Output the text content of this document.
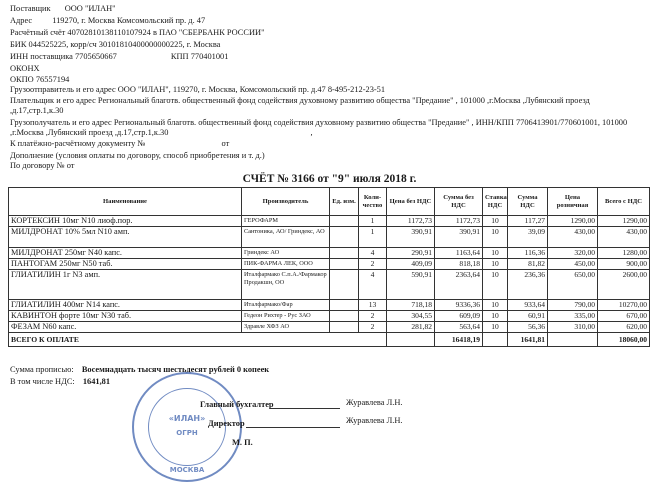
Поставщик ООО "ИЛАН"
Адрес 119270, г. Москва Комсомольский пр. д. 47
Расчётный счёт 40702810138110107924 в ПАО "СБЕРБАНК РОССИИ"
БИК 044525225, корр/сч 30101810400000000225, г. Москва
ИНН поставщика 7705650667	КПП 770401001
ОКОНХ
ОКПО 76557194
Грузоотправитель и его адрес ООО "ИЛАН", 119270, г. Москва, Комсомольский пр. д.47 8-495-212-23-51
Плательщик и его адрес Региональный благотв. общественный фонд содействия духовному развитию общества "Предание" , 101000 ,г.Москва ,Лубянский проезд
,д.17,стр.1,к.30
Грузополучатель и его адрес Региональный благотв. общественный фонд содействия духовному развитию общества "Предание" , ИНН/КПП 7706413901/770601001, 101000
,г.Москва ,Лубянский проезд ,д.17,стр.1,к.30	,
К платёжно-расчётному документу №	от
Дополнение (условия оплаты по договору, способ приобретения и т. д.)
По договору № от
СЧЁТ № 3166 от "9" июля 2018 г.
Наименование	Производитель	Ед. изм.	Коли-чество	Цена без НДС	Сумма без НДС	Ставка НДС	Сумма НДС	Цена розничная	Всего с НДС
КОРТЕКСИН 10мг N10 лиоф.пор.	ГЕРОФАРМ		1	1172,73	1172,73	10	117,27	1290,00	1290,00
МИЛДРОНАТ 10% 5мл N10 амп.	Сантоника, АО/ Гриндекс, АО		1	390,91	390,91	10	39,09	430,00	430,00
МИЛДРОНАТ 250мг N40 капс.	Гриндекс АО		4	290,91	1163,64	10	116,36	320,00	1280,00
ПАНТОГАМ 250мг N50 таб.	ПИК-ФАРМА ЛЕК, ООО		2	409,09	818,18	10	81,82	450,00	900,00
ГЛИАТИЛИН 1г N3 амп.	Италфармако С.п.А./Фармакор Продакшн, ОО		4	590,91	2363,64	10	236,36	650,00	2600,00
ГЛИАТИЛИН 400мг N14 капс.	Италфармако/Фар		13	718,18	9336,36	10	933,64	790,00	10270,00
КАВИНТОН форте 10мг N30 таб.	Гедеон Рихтер - Рус ЗАО		2	304,55	609,09	10	60,91	335,00	670,00
ФЕЗАМ N60 капс.	Здравле ХФЗ АО		2	281,82	563,64	10	56,36	310,00	620,00
ВСЕГО К ОПЛАТЕ					16418,19		1641,81		18060,00
Сумма прописью: Восемнадцать тысяч шестьдесят рублей 0 копеек
В том числе НДС: 1641,81
«ИЛАН»
ОГРН
МОСКВА
Главный бухгалтер	Журавлева Л.Н.
Директор	Журавлева Л.Н.
М. П.
